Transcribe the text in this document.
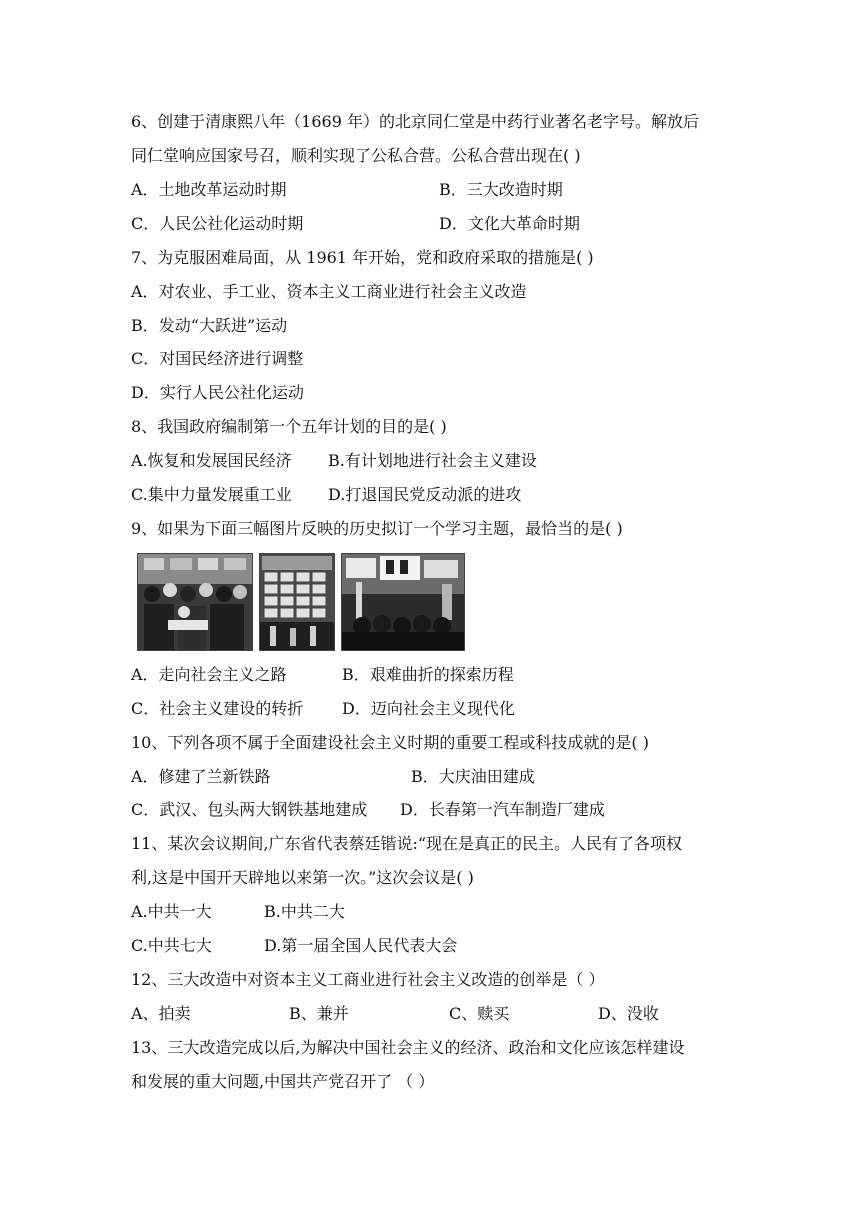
6、创建于清康熙八年（1669 年）的北京同仁堂是中药行业著名老字号。解放后
同仁堂响应国家号召，顺利实现了公私合营。公私合营出现在( )
A．土地改革运动时期	B．三大改造时期
C．人民公社化运动时期	D．文化大革命时期
7、为克服困难局面，从 1961 年开始，党和政府采取的措施是( )
A．对农业、手工业、资本主义工商业进行社会主义改造
B．发动“大跃进”运动
C．对国民经济进行调整
D．实行人民公社化运动
8、我国政府编制第一个五年计划的目的是( )
A.恢复和发展国民经济 B.有计划地进行社会主义建设
C.集中力量发展重工业 D.打退国民党反动派的进攻
9、如果为下面三幅图片反映的历史拟订一个学习主题，最恰当的是( )
A．走向社会主义之路	B．艰难曲折的探索历程
C．社会主义建设的转折 D．迈向社会主义现代化
10、下列各项不属于全面建设社会主义时期的重要工程或科技成就的是( )
A．修建了兰新铁路	B．大庆油田建成
C．武汉、包头两大钢铁基地建成 D．长春第一汽车制造厂建成
11、某次会议期间,广东省代表蔡廷锴说:“现在是真正的民主。人民有了各项权
利,这是中国开天辟地以来第一次。”这次会议是( )
A.中共一大	B.中共二大
C.中共七大	D.第一届全国人民代表大会
12、三大改造中对资本主义工商业进行社会主义改造的创举是（ ）
A、拍卖	B、兼并	C、赎买	D、没收
13、三大改造完成以后,为解决中国社会主义的经济、政治和文化应该怎样建设
和发展的重大问题,中国共产党召开了 （ ）
